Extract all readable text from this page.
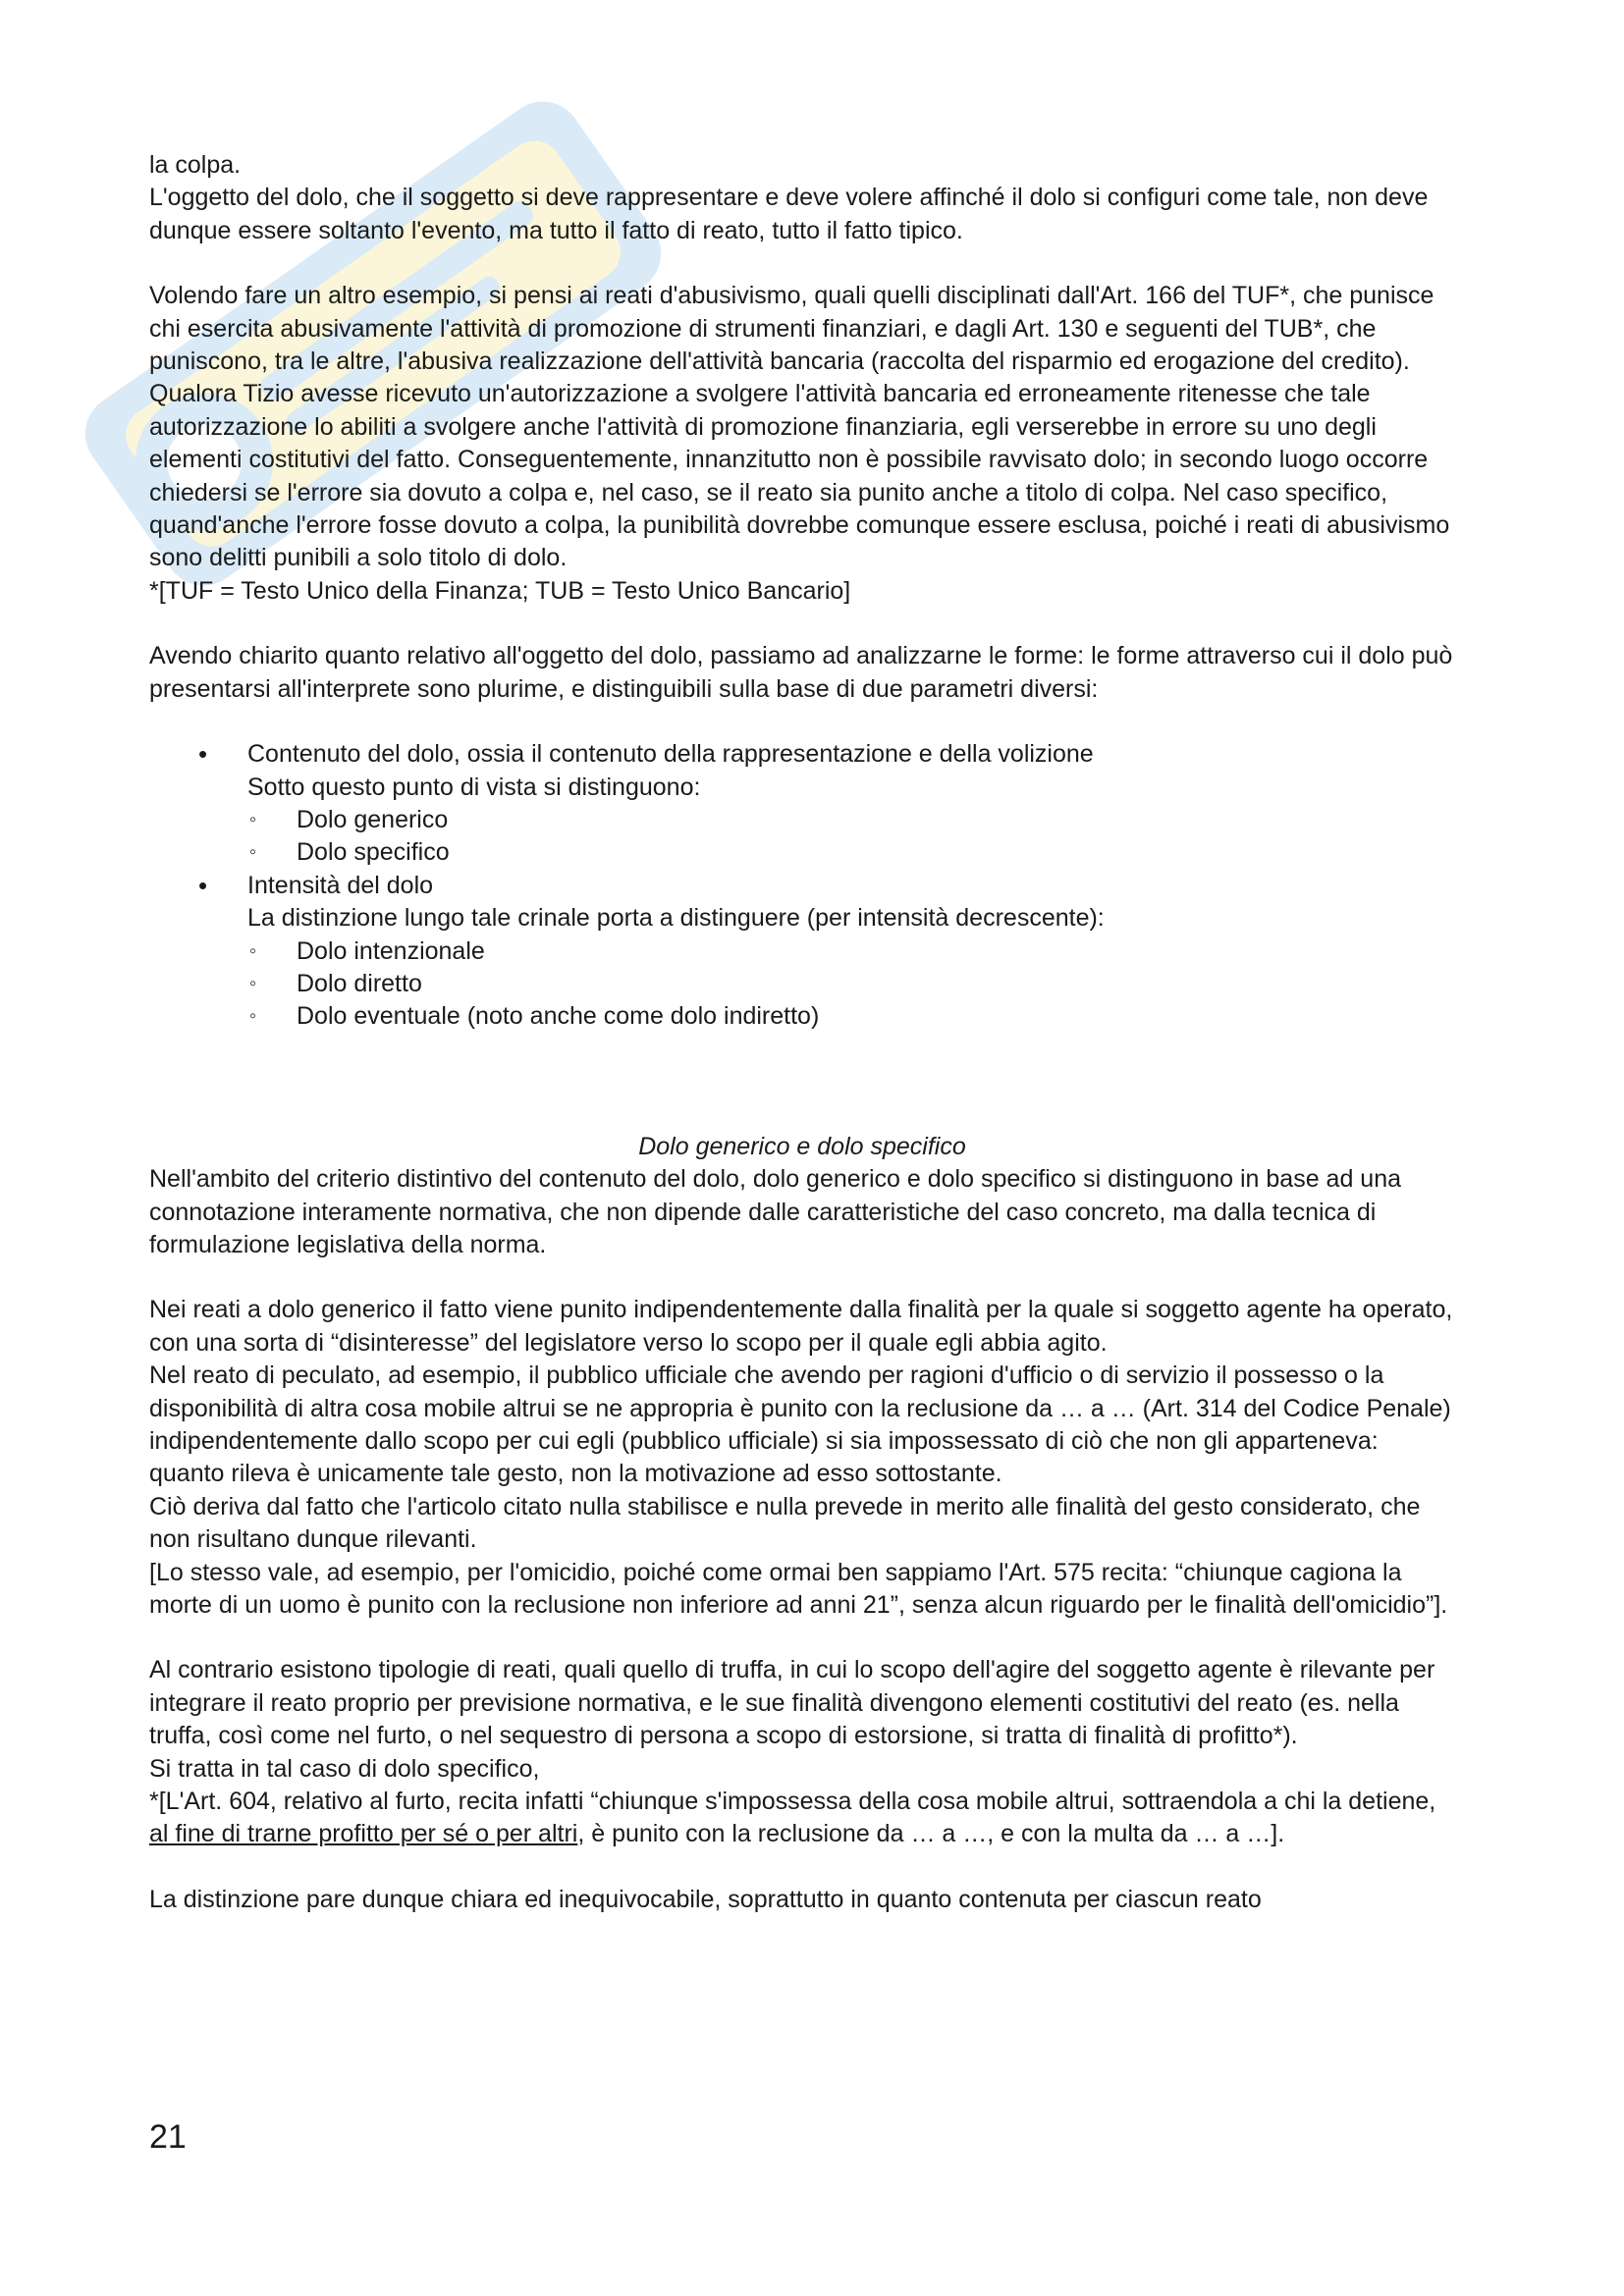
la colpa.

L'oggetto del dolo, che il soggetto si deve rappresentare e deve volere affinché il dolo si configuri come tale, non deve dunque essere soltanto l'evento, ma tutto il fatto di reato, tutto il fatto tipico.

Volendo fare un altro esempio, si pensi ai reati d'abusivismo, quali quelli disciplinati dall'Art. 166 del TUF*, che punisce chi esercita abusivamente l'attività di promozione di strumenti finanziari, e dagli Art. 130 e seguenti del TUB*, che puniscono, tra le altre, l'abusiva realizzazione dell'attività bancaria (raccolta del risparmio ed erogazione del credito).

Qualora Tizio avesse ricevuto un'autorizzazione a svolgere l'attività bancaria ed erroneamente ritenesse che tale autorizzazione lo abiliti a svolgere anche l'attività di promozione finanziaria, egli verserebbe in errore su uno degli elementi costitutivi del fatto. Conseguentemente, innanzitutto non è possibile ravvisato dolo; in secondo luogo occorre chiedersi se l'errore sia dovuto a colpa e, nel caso, se il reato sia punito anche a titolo di colpa. Nel caso specifico, quand'anche l'errore fosse dovuto a colpa, la punibilità dovrebbe comunque essere esclusa, poiché i reati di abusivismo sono delitti punibili a solo titolo di dolo.

*[TUF = Testo Unico della Finanza; TUB = Testo Unico Bancario]

Avendo chiarito quanto relativo all'oggetto del dolo, passiamo ad analizzarne le forme: le forme attraverso cui il dolo può presentarsi all'interprete sono plurime, e distinguibili sulla base di due parametri diversi:

• Contenuto del dolo, ossia il contenuto della rappresentazione e della volizione
Sotto questo punto di vista si distinguono:
◦ Dolo generico
◦ Dolo specifico
• Intensità del dolo
La distinzione lungo tale crinale porta a distinguere (per intensità decrescente):
◦ Dolo intenzionale
◦ Dolo diretto
◦ Dolo eventuale (noto anche come dolo indiretto)

Dolo generico e dolo specifico

Nell'ambito del criterio distintivo del contenuto del dolo, dolo generico e dolo specifico si distinguono in base ad una connotazione interamente normativa, che non dipende dalle caratteristiche del caso concreto, ma dalla tecnica di formulazione legislativa della norma.

Nei reati a dolo generico il fatto viene punito indipendentemente dalla finalità per la quale si soggetto agente ha operato, con una sorta di “disinteresse” del legislatore verso lo scopo per il quale egli abbia agito.

Nel reato di peculato, ad esempio, il pubblico ufficiale che avendo per ragioni d'ufficio o di servizio il possesso o la disponibilità di altra cosa mobile altrui se ne appropria è punito con la reclusione da … a … (Art. 314 del Codice Penale) indipendentemente dallo scopo per cui egli (pubblico ufficiale) si sia impossessato di ciò che non gli apparteneva: quanto rileva è unicamente tale gesto, non la motivazione ad esso sottostante.

Ciò deriva dal fatto che l'articolo citato nulla stabilisce e nulla prevede in merito alle finalità del gesto considerato, che non risultano dunque rilevanti.

[Lo stesso vale, ad esempio, per l'omicidio, poiché come ormai ben sappiamo l'Art. 575 recita: “chiunque cagiona la morte di un uomo è punito con la reclusione non inferiore ad anni 21”, senza alcun riguardo per le finalità dell'omicidio”].

Al contrario esistono tipologie di reati, quali quello di truffa, in cui lo scopo dell'agire del soggetto agente è rilevante per integrare il reato proprio per previsione normativa, e le sue finalità divengono elementi costitutivi del reato (es. nella truffa, così come nel furto, o nel sequestro di persona a scopo di estorsione, si tratta di finalità di profitto*).

Si tratta in tal caso di dolo specifico,

*[L'Art. 604, relativo al furto, recita infatti “chiunque s'impossessa della cosa mobile altrui, sottraendola a chi la detiene, al fine di trarne profitto per sé o per altri, è punito con la reclusione da … a …, e con la multa da … a …].

La distinzione pare dunque chiara ed inequivocabile, soprattutto in quanto contenuta per ciascun reato

21
